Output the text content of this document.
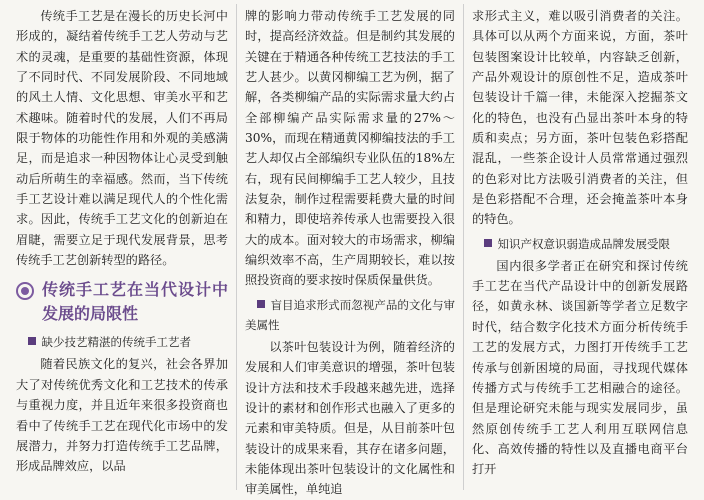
传统手工艺是在漫长的历史长河中形成的，凝结着传统手工艺人劳动与艺术的灵魂，是重要的基础性资源，体现了不同时代、不同发展阶段、不同地域的风土人情、文化思想、审美水平和艺术趣味。随着时代的发展，人们不再局限于物体的功能性作用和外观的美感满足，而是追求一种因物体让心灵受到触动后所萌生的幸福感。然而，当下传统手工艺设计难以满足现代人的个性化需求。因此，传统手工艺文化的创新迫在眉睫，需要立足于现代发展背景，思考传统手工艺创新转型的路径。

传统手工艺在当代设计中发展的局限性
缺少技艺精湛的传统手工艺者

随着民族文化的复兴，社会各界加大了对传统优秀文化和工艺技术的传承与重视力度，并且近年来很多投资商也看中了传统手工艺在现代化市场中的发展潜力，并努力打造传统手工艺品牌，形成品牌效应，以品

牌的影响力带动传统手工艺发展的同时，提高经济效益。但是制约其发展的关键在于精通各种传统工艺技法的手工艺人甚少。以黄冈柳编工艺为例，据了解，各类柳编产品的实际需求量大约占全部柳编产品实际需求量的27%～30%，而现在精通黄冈柳编技法的手工艺人却仅占全部编织专业队伍的18%左右，现有民间柳编手工艺人较少，且技法复杂，制作过程需要耗费大量的时间和精力，即使培养传承人也需要投入很大的成本。面对较大的市场需求，柳编编织效率不高，生产周期较长，难以按照投资商的要求按时保质保量供货。

盲目追求形式而忽视产品的文化与审美属性

以茶叶包装设计为例，随着经济的发展和人们审美意识的增强，茶叶包装设计方法和技术手段越来越先进，选择设计的素材和创作形式也融入了更多的元素和审美特质。但是，从目前茶叶包装设计的成果来看，其存在诸多问题，未能体现出茶叶包装设计的文化属性和审美属性，单纯追

求形式主义，难以吸引消费者的关注。具体可以从两个方面来说，方面，茶叶包装图案设计比较单，内容缺乏创新，产品外观设计的原创性不足，造成茶叶包装设计千篇一律，未能深入挖掘茶文化的特色，也没有凸显出茶叶本身的特质和卖点；另方面，茶叶包装色彩搭配混乱，一些茶企设计人员常常通过强烈的色彩对比方法吸引消费者的关注，但是色彩搭配不合理，还会掩盖茶叶本身的特色。

知识产权意识弱造成品牌发展受限

国内很多学者正在研究和探讨传统手工艺在当代产品设计中的创新发展路径，如黄永林、谈国新等学者立足数字时代，结合数字化技术方面分析传统手工艺的发展方式，力图打开传统手工艺传承与创新困境的局面，寻找现代媒体传播方式与传统手工艺相融合的途径。但是理论研究未能与现实发展同步，虽然原创传统手工艺人利用互联网信息化、高效传播的特性以及直播电商平台打开
